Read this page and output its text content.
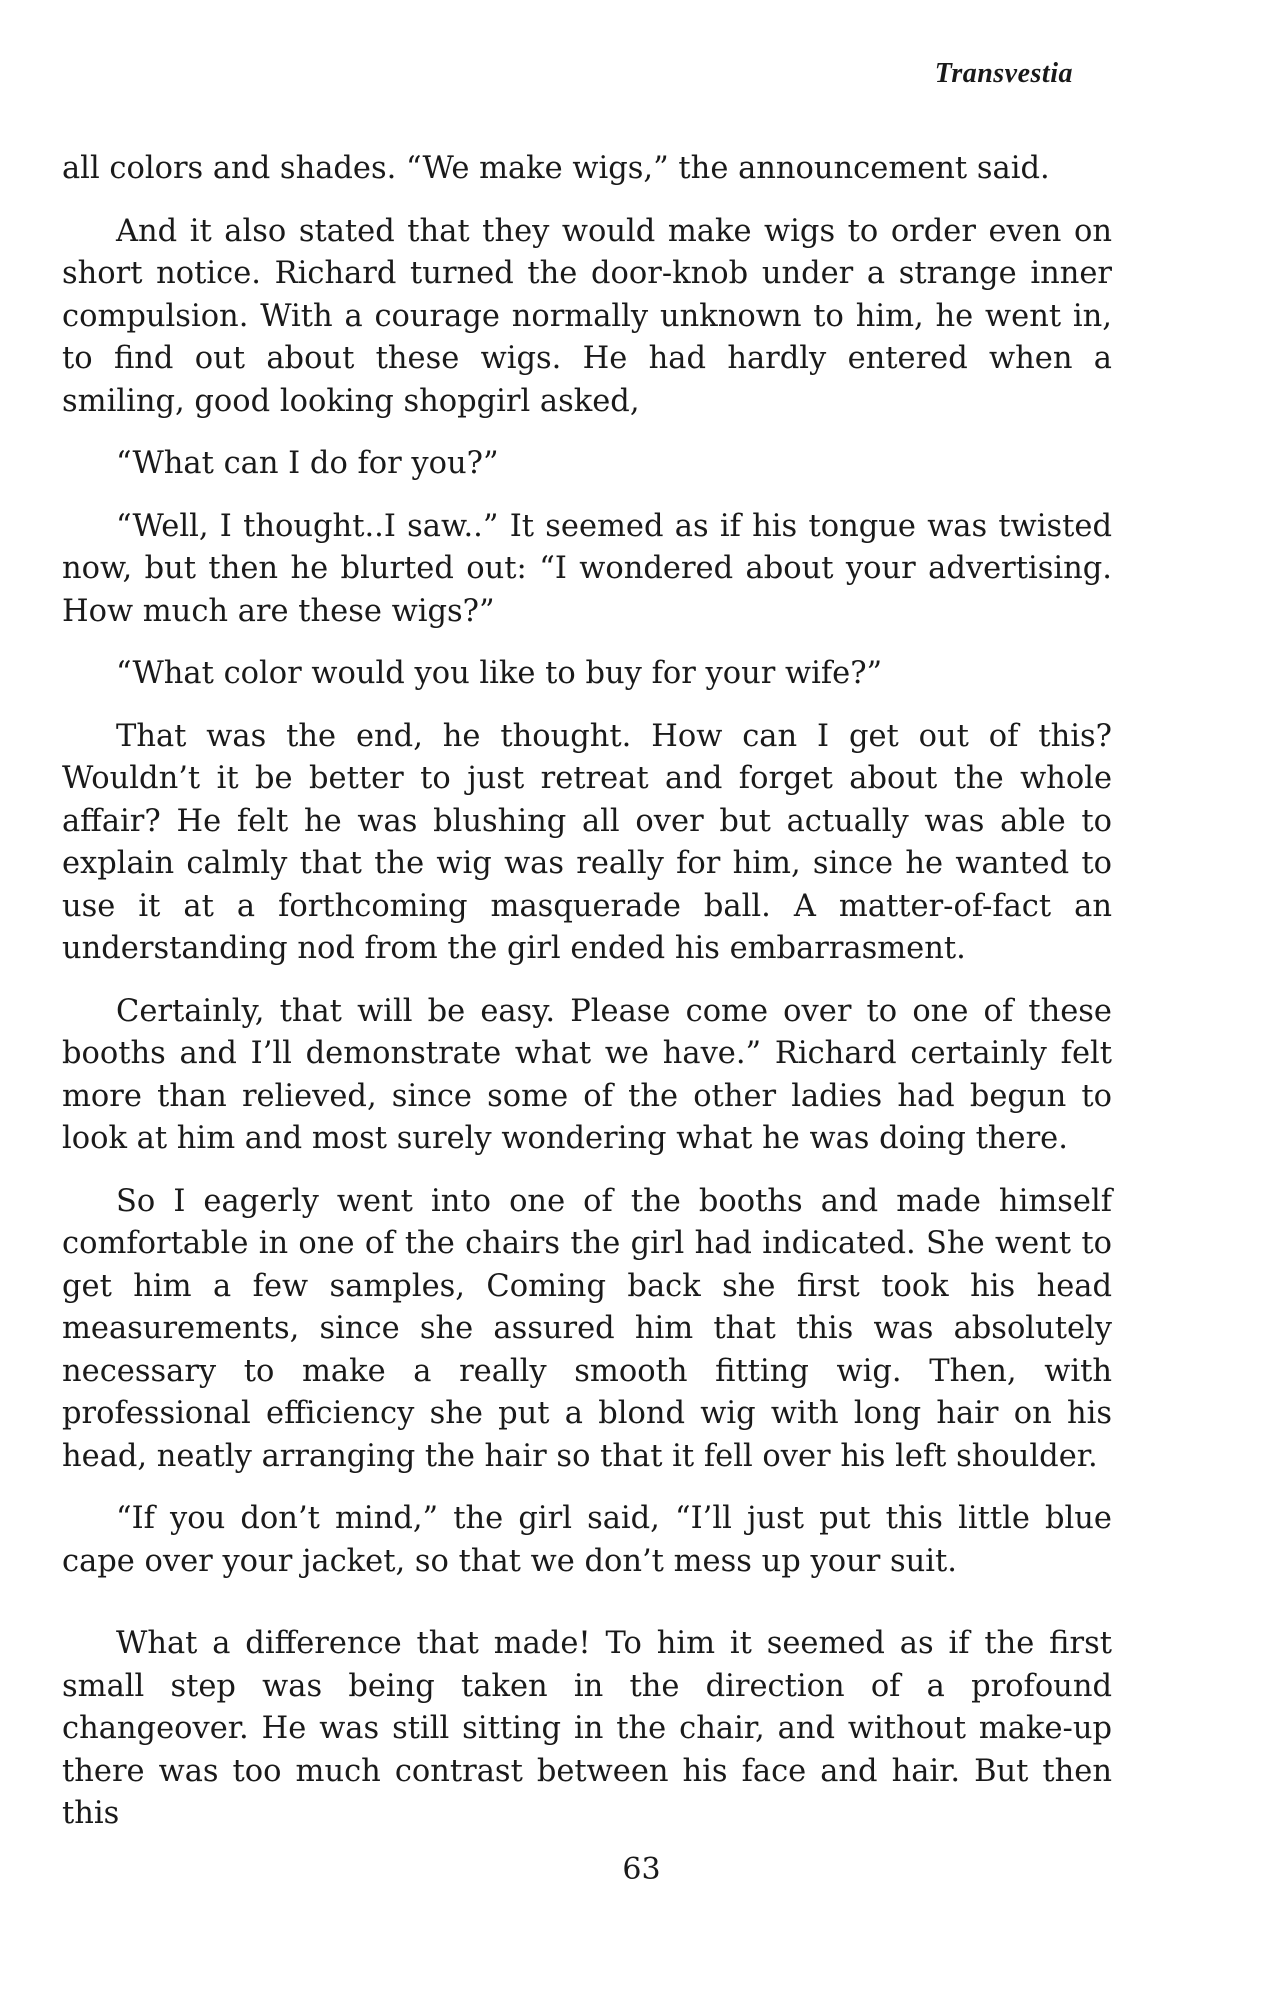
Transvestia

all colors and shades. “We make wigs,” the announcement said.

And it also stated that they would make wigs to order even on short notice. Richard turned the door-knob under a strange inner compulsion. With a courage normally unknown to him, he went in, to find out about these wigs. He had hardly entered when a smiling, good looking shopgirl asked,

“What can I do for you?”

“Well, I thought..I saw..” It seemed as if his tongue was twisted now, but then he blurted out: “I wondered about your advertising. How much are these wigs?”

“What color would you like to buy for your wife?”

That was the end, he thought. How can I get out of this? Wouldn’t it be better to just retreat and forget about the whole affair? He felt he was blushing all over but actually was able to explain calmly that the wig was really for him, since he wanted to use it at a forthcoming masquerade ball. A matter-of-fact an understanding nod from the girl ended his embarrasment.

Certainly, that will be easy. Please come over to one of these booths and I’ll demonstrate what we have.” Richard certainly felt more than relieved, since some of the other ladies had begun to look at him and most surely wondering what he was doing there.

So I eagerly went into one of the booths and made himself comfortable in one of the chairs the girl had indicated. She went to get him a few samples, Coming back she first took his head measurements, since she assured him that this was absolutely necessary to make a really smooth fitting wig. Then, with professional efficiency she put a blond wig with long hair on his head, neatly arranging the hair so that it fell over his left shoulder.

“If you don’t mind,” the girl said, “I’ll just put this little blue cape over your jacket, so that we don’t mess up your suit.

What a difference that made! To him it seemed as if the first small step was being taken in the direction of a profound changeover. He was still sitting in the chair, and without make-up there was too much contrast between his face and hair. But then this

63
